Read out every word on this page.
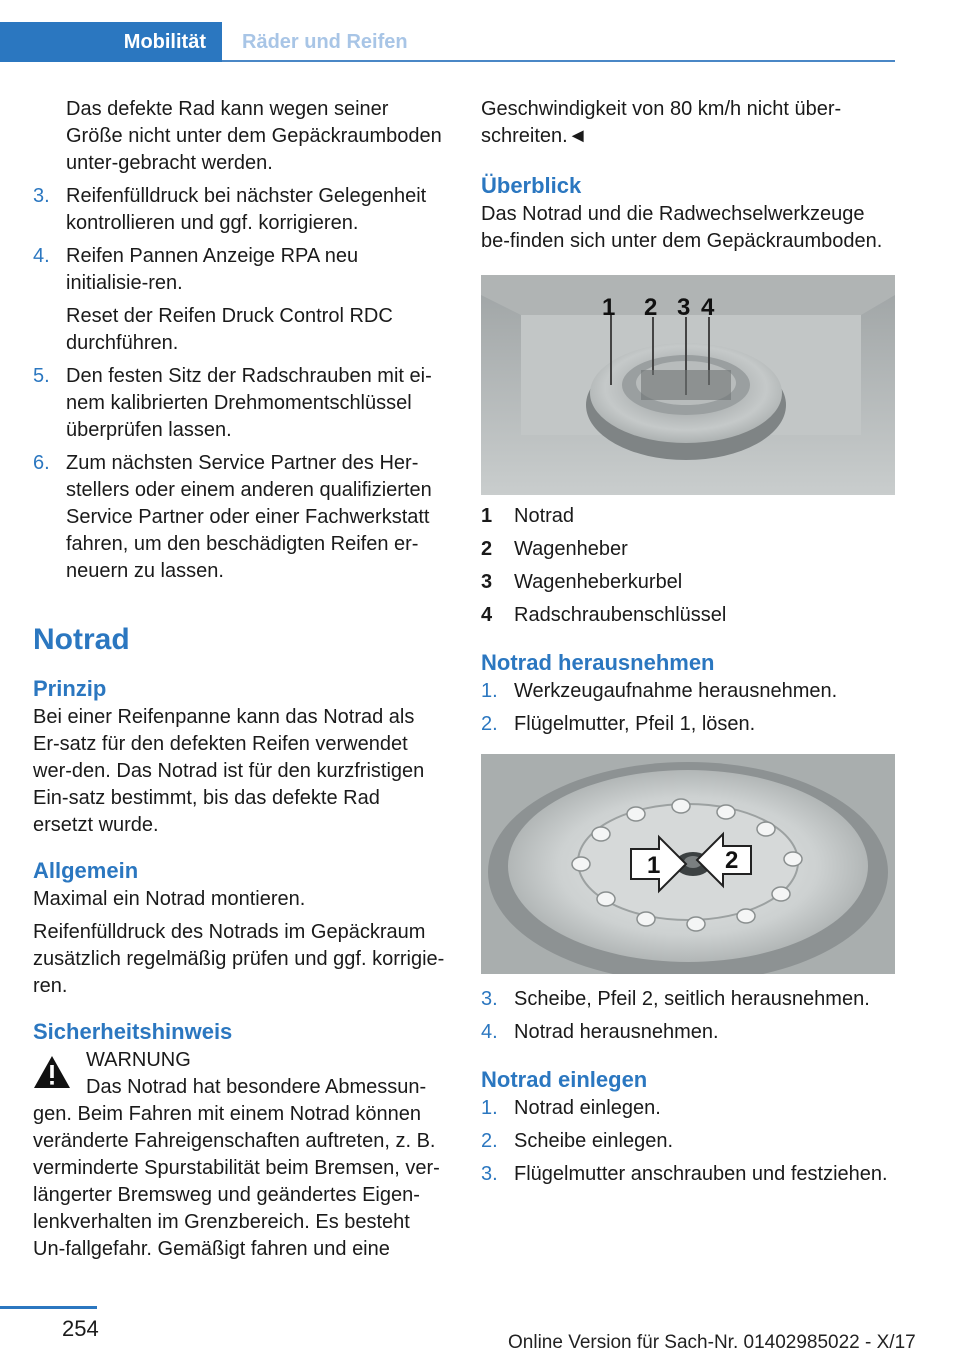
Mobilität	Räder und Reifen

Das defekte Rad kann wegen seiner Größe nicht unter dem Gepäckraumboden unter‐gebracht werden.

3. Reifenfülldruck bei nächster Gelegenheit kontrollieren und ggf. korrigieren.
4. Reifen Pannen Anzeige RPA neu initialisie‐ren.

Reset der Reifen Druck Control RDC durchführen.

5. Den festen Sitz der Radschrauben mit ei‐nem kalibrierten Drehmomentschlüssel überprüfen lassen.
6. Zum nächsten Service Partner des Her‐stellers oder einem anderen qualifizierten Service Partner oder einer Fachwerkstatt fahren, um den beschädigten Reifen er‐neuern zu lassen.
Notrad
Prinzip

Bei einer Reifenpanne kann das Notrad als Er‐satz für den defekten Reifen verwendet wer‐den. Das Notrad ist für den kurzfristigen Ein‐satz bestimmt, bis das defekte Rad ersetzt wurde.

Allgemein

Maximal ein Notrad montieren.

Reifenfülldruck des Notrads im Gepäckraum zusätzlich regelmäßig prüfen und ggf. korrigie‐ren.

Sicherheitshinweis

WARNUNG

Das Notrad hat besondere Abmessun‐gen. Beim Fahren mit einem Notrad können veränderte Fahreigenschaften auftreten, z. B. verminderte Spurstabilität beim Bremsen, ver‐längerter Bremsweg und geändertes Eigen‐lenkverhalten im Grenzbereich. Es besteht Un‐fallgefahr. Gemäßigt fahren und eine

Geschwindigkeit von 80 km/h nicht über‐schreiten.◄

Überblick

Das Notrad und die Radwechselwerkzeuge be‐finden sich unter dem Gepäckraumboden.

1 2 3 4
1 Notrad
2 Wagenheber
3 Wagenheberkurbel
4 Radschraubenschlüssel
Notrad herausnehmen
1. Werkzeugaufnahme herausnehmen.
2. Flügelmutter, Pfeil 1, lösen.
1	2
3. Scheibe, Pfeil 2, seitlich herausnehmen.
4. Notrad herausnehmen.
Notrad einlegen
1. Notrad einlegen.
2. Scheibe einlegen.
3. Flügelmutter anschrauben und festziehen.
254
Online Version für Sach-Nr. 01402985022 - X/17
